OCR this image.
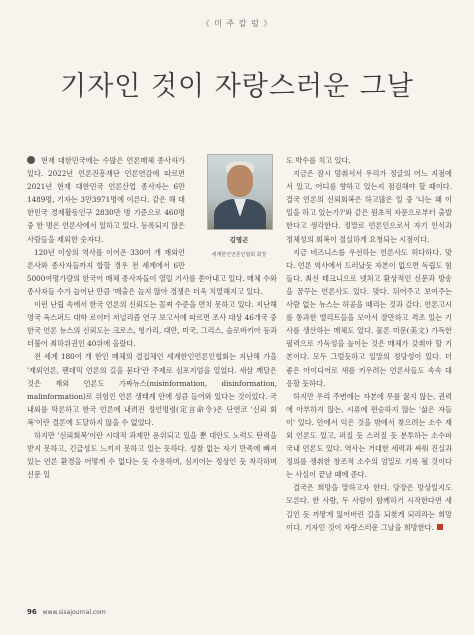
《 미 주 칼 럼 》
기자인 것이 자랑스러운 그날
김명곤
세계한인언론인협회 회장

현재 대한민국에는 수많은 언론매체 종사자가 있다. 2022년 언론진흥재단 언론연감에 따르면 2021년 현재 대한민국 언론산업 종사자는 6만1489명, 기자는 3만3971명에 이른다. 같은 해 대한민국 경제활동인구 2830만 명 기준으로 460명 중 한 명은 언론사에서 일하고 있다. 등록되지 않은 사람들을 제외한 숫자다.

120년 이상의 역사를 이어온 330여 개 재외언론사와 종사자들까지 합할 경우 전 세계에서 6만 5000여명가량의 한국어 매체 종사자들이 열일 기사를 쏟아내고 있다. 매체 수와 종사자들 수가 늘어난 만큼 '매출은 늘지 않아 경쟁은 더욱 치열해지고 있다.

이런 난립 속에서 한국 언론의 신뢰도는 꼴찌 수준을 면치 못하고 있다. 지난해 영국 옥스퍼드 대학 로이터 저널리즘 연구 보고서에 따르면 조사 대상 46개국 중 한국 언론 뉴스의 신뢰도는 크로스, 헝가리, 대만, 미국, 그리스, 슬로바키아 등과 더불어 최하위권인 40위에 올랐다.

전 세계 180여 개 한인 매체의 결집체인 세계한인언론인협회는 지난해 가을 '재외언론, 팬데믹 언론의 길을 묻다'란 주제로 심포지엄을 열었다. 새삼 깨달은 것은 재외 언론도 가짜뉴스(misinformation, disinformation, malinformation)로 위험인 언론 생태계 안에 성큼 들어와 있다는 것이었다. 국내외를 막론하고 한국 언론에 내려진 정언명령(定言命令)은 단연코 '신뢰 회복'이란 결론에 도달하지 않을 수 없었다.

하지만 '신뢰회복'이란 시대적 과제만 운위되고 있을 뿐 대안도 노력도 탄력을 받지 못하고, 긴급성도 느끼지 못하고 있는 듯하다. 성찰 없는 자기 만족에 빠져 있는 언론 환경을 어떻게 수 없다는 듯 수용하며, 심지어는 정상인 듯 착각하며 신문 일

도 박수를 치고 있다.

지금은 잠시 멈춰서서 우리가 정글의 어느 지점에 서 있고, 어디를 향하고 있는지 점검해야 할 때이다. 결국 언론의 신뢰회복은 하고많은 일 중 '나는 왜 이 일을 하고 있는가?'와 같은 원초적 자문으로부터 출발한다고 생각한다. 정말로 언론인으로서 자기 인식과 정체성의 회복이 절실하게 요청되는 시점이다.

지금 비즈니스를 우선하는 언론사도 허다하다. 맞다. 언론 역사에서 드러났듯 자본이 없으면 독립도 힘들다. 최신 테크니으로 넷쳐고 환상적인 신문과 방송을 꿈꾸는 언론사도 있다. 맞다. 뒤어주고 보여주는 사람 없는 뉴스는 허공을 때리는 것과 같다. 언론고시를 통과한 엘리트들을 모아서 잘만하고 격조 있는 기사를 생산하는 매체도 있다. 물론 미문(美文) 가득한 필력으로 가독성을 높이는 것은 매체가 갖춰야 할 기본이다. 모두 그럴듯하고 일말의 정당성이 있다. 더 좋은 아이디어로 새를 키우려는 언론사들도 속속 대응할 듯하다.

하지만 우리 주변에는 자본에 무릎 꿇지 않는, 권력에 아부하지 않는, 시류에 편승하지 않는 '삶은 자들이' 있다. 안에서 익은 것을 밖에서 찾으려는 소수 재외 언론도 있고, 퍼질 듯 스러질 듯 분투하는 소수파 국내 언론도 있다. 역사는 거대한 세력과 싸워 진실과 정의를 쟁취한 창조적 소수의 엄밀로 기록 될 것이다는 사실이 끝날 때에 준다.

결국은 희망을 말하고자 한다. 당장은 망상일지도 모른다. 한 사람, 두 사람이 함께하기 시작한다면 새 길인 듯 까맣게 잃어버린 길을 되찾게 되리라는 희망이다. 기자인 것이 자랑스러운 그날을 희망한다.

96 www.sisajournal.com
